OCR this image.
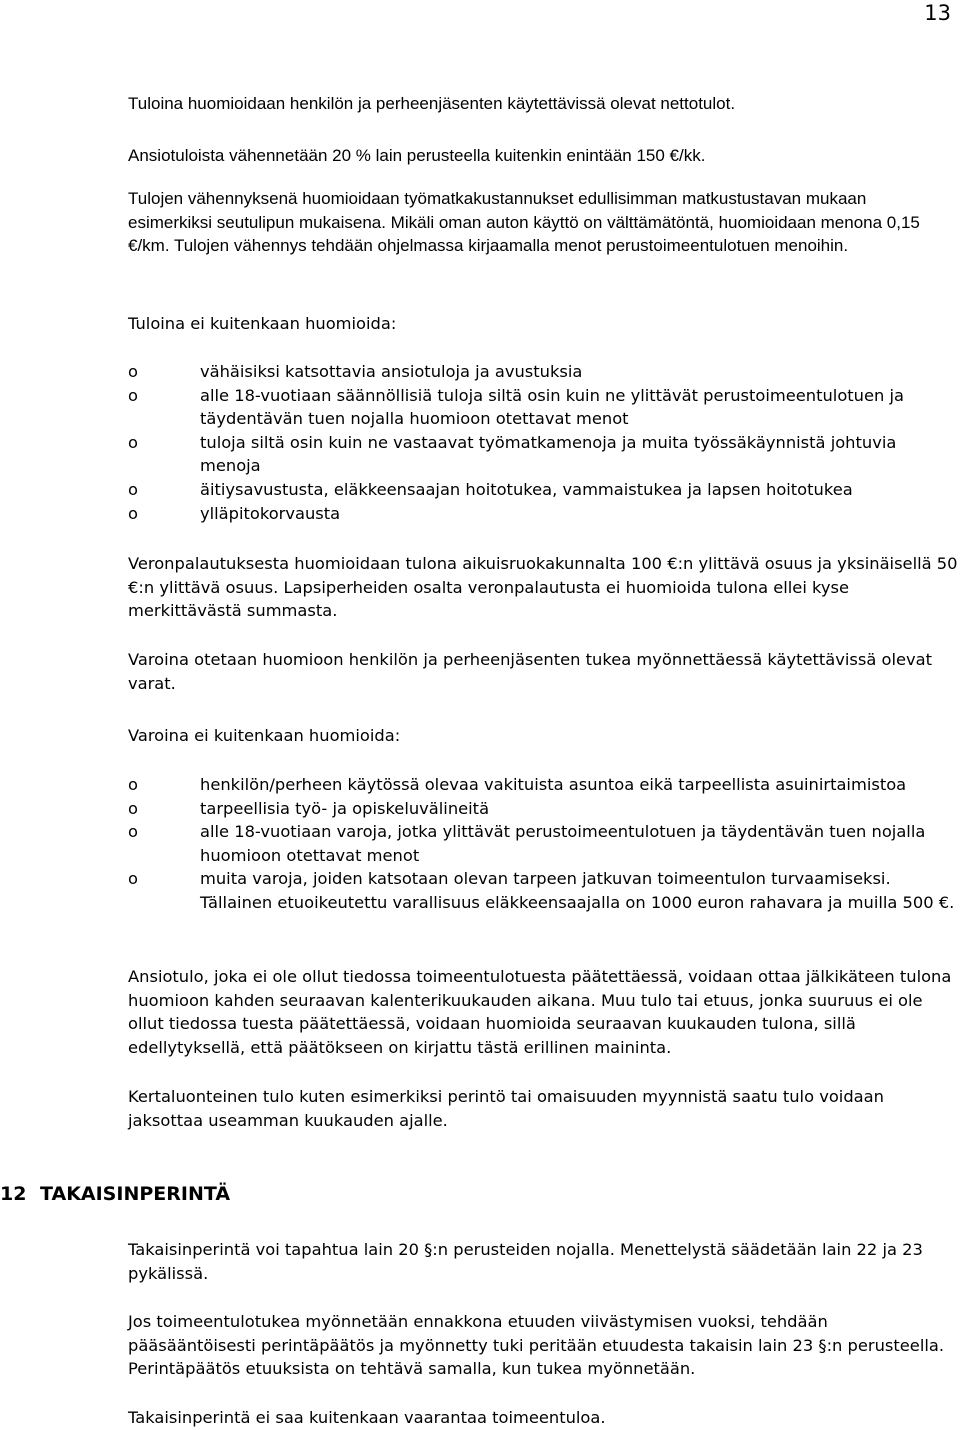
13

Tuloina huomioidaan henkilön ja perheenjäsenten käytettävissä olevat nettotulot.

Ansiotuloista vähennetään 20 % lain perusteella kuitenkin enintään 150 €/kk.

Tulojen vähennyksenä huomioidaan työmatkakustannukset edullisimman matkustustavan mukaan esimerkiksi seutulipun mukaisena. Mikäli oman auton käyttö on välttämätöntä, huomioidaan menona 0,15 €/km. Tulojen vähennys tehdään ohjelmassa kirjaamalla menot perustoimeentulotuen menoihin.

Tuloina ei kuitenkaan huomioida:

o	vähäisiksi katsottavia ansiotuloja ja avustuksia
o	alle 18-vuotiaan säännöllisiä tuloja siltä osin kuin ne ylittävät perustoimeentulotuen ja täydentävän tuen nojalla huomioon otettavat menot
o	tuloja siltä osin kuin ne vastaavat työmatkamenoja ja muita työssäkäynnistä johtuvia menoja
o	äitiysavustusta, eläkkeensaajan hoitotukea, vammaistukea ja lapsen hoitotukea
o	ylläpitokorvausta

Veronpalautuksesta huomioidaan tulona aikuisruokakunnalta 100 €:n ylittävä osuus ja yksinäisellä 50 €:n ylittävä osuus. Lapsiperheiden osalta veronpalautusta ei huomioida tulona ellei kyse merkittävästä summasta.

Varoina otetaan huomioon henkilön ja perheenjäsenten tukea myönnettäessä käytettävissä olevat varat.

Varoina ei kuitenkaan huomioida:

o	henkilön/perheen käytössä olevaa vakituista asuntoa eikä tarpeellista asuinirtaimistoa
o	tarpeellisia työ- ja opiskeluvälineitä
o	alle 18-vuotiaan varoja, jotka ylittävät perustoimeentulotuen ja täydentävän tuen nojalla huomioon otettavat menot
o	muita varoja, joiden katsotaan olevan tarpeen jatkuvan toimeentulon turvaamiseksi. Tällainen etuoikeutettu varallisuus eläkkeensaajalla on 1000 euron rahavara ja muilla 500 €.

Ansiotulo, joka ei ole ollut tiedossa toimeentulotuesta päätettäessä, voidaan ottaa jälkikäteen tulona huomioon kahden seuraavan kalenterikuukauden aikana. Muu tulo tai etuus, jonka suuruus ei ole ollut tiedossa tuesta päätettäessä, voidaan huomioida seuraavan kuukauden tulona, sillä edellytyksellä, että päätökseen on kirjattu tästä erillinen maininta.

Kertaluonteinen tulo kuten esimerkiksi perintö tai omaisuuden myynnistä saatu tulo voidaan jaksottaa useamman kuukauden ajalle.

Takaisinperintä voi tapahtua lain 20 §:n perusteiden nojalla. Menettelystä säädetään lain 22 ja 23 pykälissä.

Jos toimeentulotukea myönnetään ennakkona etuuden viivästymisen vuoksi, tehdään pääsääntöisesti perintäpäätös ja myönnetty tuki peritään etuudesta takaisin lain 23 §:n perusteella. Perintäpäätös etuuksista on tehtävä samalla, kun tukea myönnetään.

Takaisinperintä ei saa kuitenkaan vaarantaa toimeentuloa.

12 TAKAISINPERINTÄ
